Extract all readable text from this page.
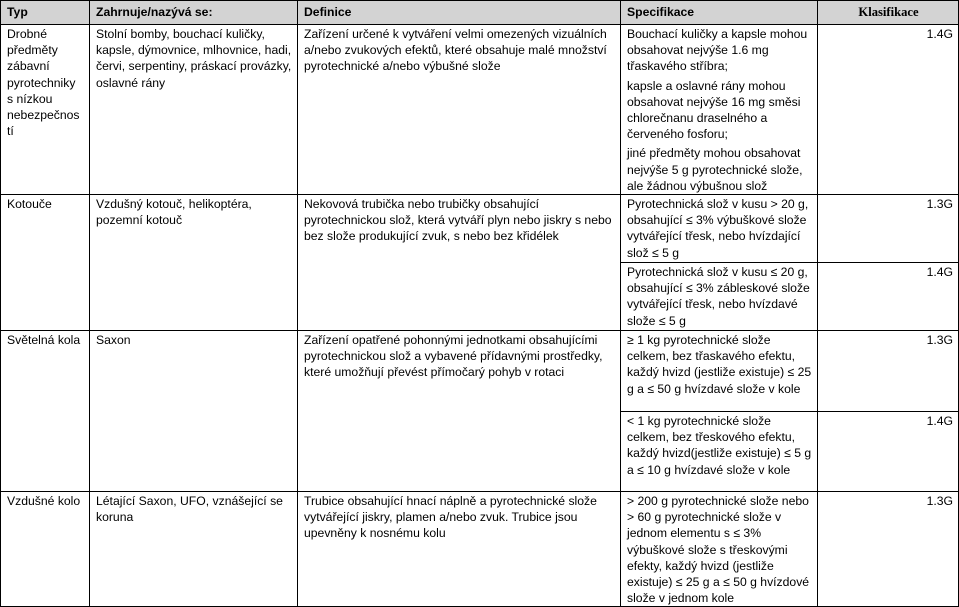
Typ	Zahrnuje/nazývá se:	Definice	Specifikace	Klasifikace
Drobné předměty zábavní pyrotechniky s nízkou nebezpečnos tí	Stolní bomby, bouchací kuličky, kapsle, dýmovnice, mlhovnice, hadi, červi, serpentiny, práskací provázky, oslavné rány	Zařízení určené k vytváření velmi omezených vizuálních a/nebo zvukových efektů, které obsahuje malé množství pyrotechnické a/nebo výbušné slože	Bouchací kuličky a kapsle mohou obsahovat nejvýše 1.6 mg třaskavého stříbra;
kapsle a oslavné rány mohou obsahovat nejvýše 16 mg směsi chlorečnanu draselného a červeného fosforu;
jiné předměty mohou obsahovat nejvýše 5 g pyrotechnické slože, ale žádnou výbušnou slož	1.4G
Kotouče	Vzdušný kotouč, helikoptéra, pozemní kotouč	Nekovová trubička nebo trubičky obsahující pyrotechnickou slož, která vytváří plyn nebo jiskry s nebo bez slože produkující zvuk, s nebo bez křidélek	Pyrotechnická slož v kusu > 20 g, obsahující ≤ 3% výbuškové slože vytvářející třesk, nebo hvízdající slož ≤ 5 g	1.3G
			Pyrotechnická slož v kusu ≤ 20 g, obsahující ≤ 3% zábleskové slože vytvářející třesk, nebo hvízdavé slože ≤ 5 g	1.4G
Světelná kola	Saxon	Zařízení opatřené pohonnými jednotkami obsahujícími pyrotechnickou slož a vybavené přídavnými prostředky, které umožňují převést přímočarý pohyb v rotaci	≥ 1 kg pyrotechnické slože celkem, bez třaskavého efektu, každý hvizd (jestliže existuje) ≤ 25 g a ≤ 50 g hvízdavé slože v kole	1.3G
			< 1 kg pyrotechnické slože celkem, bez třeskového efektu, každý hvizd(jestliže existuje) ≤ 5 g a ≤ 10 g hvízdavé slože v kole	1.4G
Vzdušné kolo	Létající Saxon, UFO, vznášející se koruna	Trubice obsahující hnací náplně a pyrotechnické slože vytvářející jiskry, plamen a/nebo zvuk. Trubice jsou upevněny k nosnému kolu	> 200 g pyrotechnické slože nebo > 60 g pyrotechnické slože v jednom elementu s ≤ 3% výbuškové slože s třeskovými efekty, každý hvizd (jestliže existuje) ≤ 25 g a ≤ 50 g hvízdové slože v jednom kole	1.3G
